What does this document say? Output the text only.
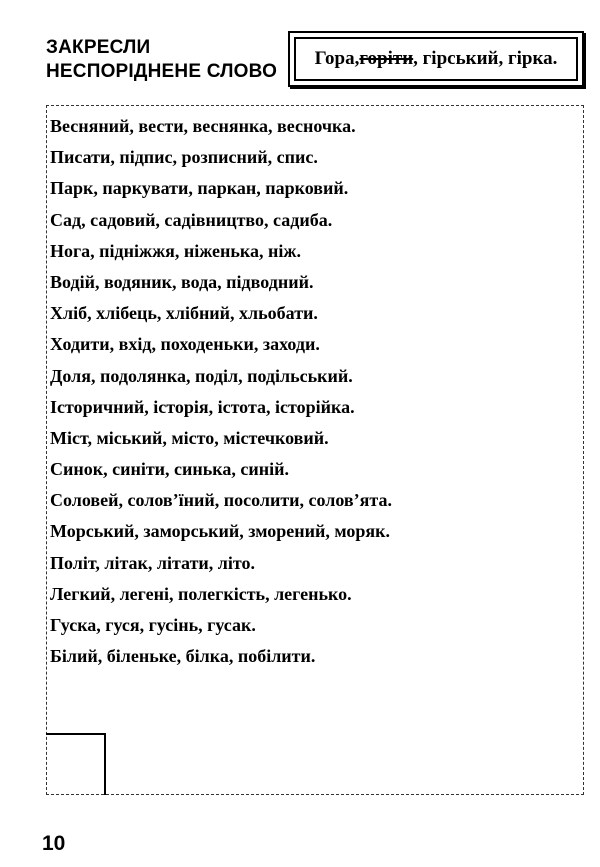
ЗАКРЕСЛИ
НЕСПОРІДНЕНЕ СЛОВО
Гора, горіти , гірський, гірка.
Весняний, вести, веснянка, весночка.
Писати, підпис, розписний, спис.
Парк, паркувати, паркан, парковий.
Сад, садовий, садівництво, садиба.
Нога, підніжжя, ніженька, ніж.
Водій, водяник, вода, підводний.
Хліб, хлібець, хлібний, хльобати.
Ходити, вхід, походеньки, заходи.
Доля, подолянка, поділ, подільський.
Історичний, історія, істота, історійка.
Міст, міський, місто, містечковий.
Синок, синіти, синька, синій.
Соловей, солов’їний, посолити, солов’ята.
Морський, заморський, зморений, моряк.
Політ, літак, літати, літо.
Легкий, легені, полегкість, легенько.
Гуска, гуся, гусінь, гусак.
Білий, біленьке, білка, побілити.
10
